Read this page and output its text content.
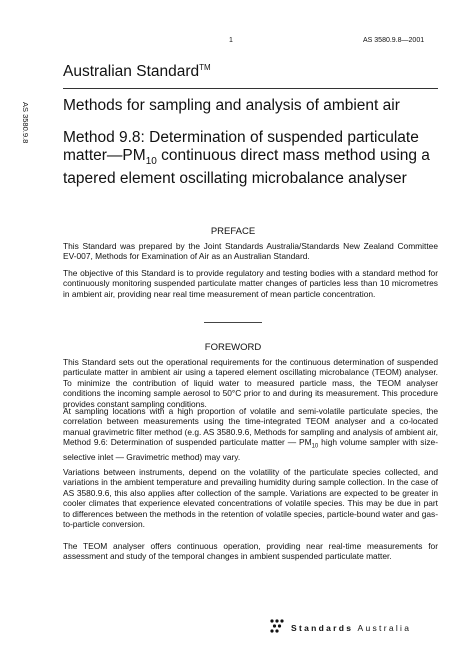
1	AS 3580.9.8—2001
Australian Standard™
AS 3580.9.8 Methods for sampling and analysis of ambient air
Method 9.8: Determination of suspended particulate $matter—PM_{10}$ continuous direct mass method using a tapered element oscillating microbalance analyser
PREFACE

This Standard was prepared by the Joint Standards Australia/Standards New Zealand Committee EV-007, Methods for Examination of Air as an Australian Standard.

The objective of this Standard is to provide regulatory and testing bodies with a standard method for continuously monitoring suspended particulate matter changes of particles less than 10 micrometres in ambient air, providing near real time measurement of mean particle concentration.

FOREWORD

This Standard sets out the operational requirements for the continuous determination of suspended particulate matter in ambient air using a tapered element oscillating microbalance (TEOM) analyser. To minimize the contribution of liquid water to measured particle mass, the TEOM analyser conditions the incoming sample aerosol to 50°C prior to and during its measurement. This procedure provides constant sampling conditions.

At sampling locations with a high proportion of volatile and semi-volatile particulate species, the correlation between measurements using the time-integrated TEOM analyser and a co-located manual gravimetric filter method (e.g. AS 3580.9.6, Methods for sampling and analysis of ambient air, Method 9.6: Determination of suspended particulate matter — $PM_{10}$ high volume sampler with size-selective inlet — Gravimetric method) may vary.

Variations between instruments, depend on the volatility of the particulate species collected, and variations in the ambient temperature and prevailing humidity during sample collection. In the case of AS 3580.9.6, this also applies after collection of the sample. Variations are expected to be greater in cooler climates that experience elevated concentrations of volatile species. This may be due in part to differences between the methods in the retention of volatile species, particle-bound water and gas-to-particle conversion.

The TEOM analyser offers continuous operation, providing near real-time measurements for assessment and study of the temporal changes in ambient suspended particulate matter.

Standards Australia
